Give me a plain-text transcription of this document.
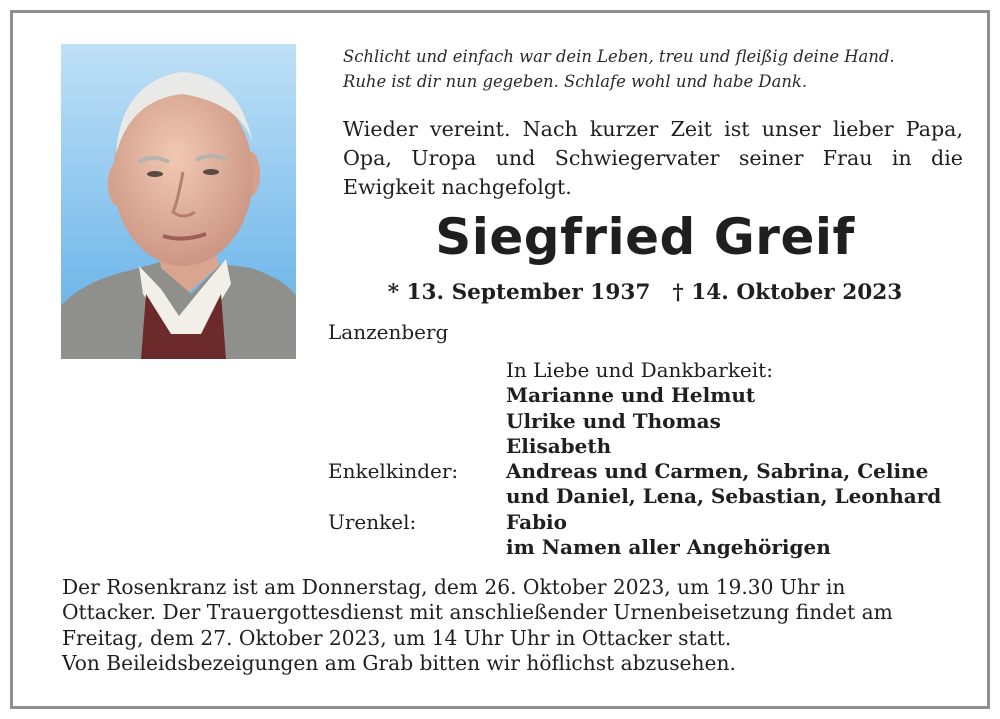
Schlicht und einfach war dein Leben, treu und fleißig deine Hand.
Ruhe ist dir nun gegeben. Schlafe wohl und habe Dank.
Wieder vereint. Nach kurzer Zeit ist unser lieber Papa, Opa, Uropa und Schwiegervater seiner Frau in die Ewigkeit nachgefolgt.
Siegfried Greif
* 13. September 1937 † 14. Oktober 2023
Lanzenberg
In Liebe und Dankbarkeit:
Marianne und Helmut
Ulrike und Thomas
Elisabeth
Enkelkinder:	Andreas und Carmen, Sabrina, Celine
und Daniel, Lena, Sebastian, Leonhard
Urenkel:	Fabio
im Namen aller Angehörigen
Der Rosenkranz ist am Donnerstag, dem 26. Oktober 2023, um 19.30 Uhr in
Ottacker. Der Trauergottesdienst mit anschließender Urnenbeisetzung findet am
Freitag, dem 27. Oktober 2023, um 14 Uhr Uhr in Ottacker statt.
Von Beileidsbezeigungen am Grab bitten wir höflichst abzusehen.
